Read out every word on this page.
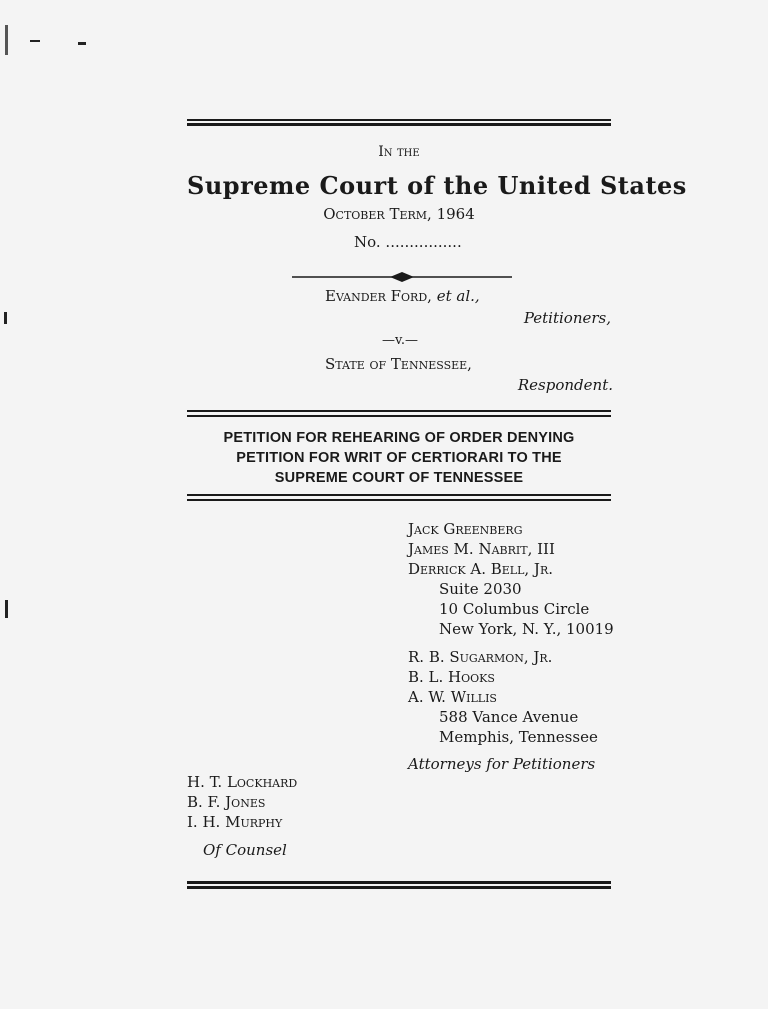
In the
Supreme Court of the United States
October Term, 1964
No. ................
Evander Ford, et al.,
Petitioners,
—v.—
State of Tennessee,
Respondent.
PETITION FOR REHEARING OF ORDER DENYING
PETITION FOR WRIT OF CERTIORARI TO THE
SUPREME COURT OF TENNESSEE
Jack Greenberg
James M. Nabrit, III
Derrick A. Bell, Jr.
Suite 2030
10 Columbus Circle
New York, N. Y., 10019
R. B. Sugarmon, Jr.
B. L. Hooks
A. W. Willis
588 Vance Avenue
Memphis, Tennessee
Attorneys for Petitioners
H. T. Lockhard
B. F. Jones
I. H. Murphy
Of Counsel
